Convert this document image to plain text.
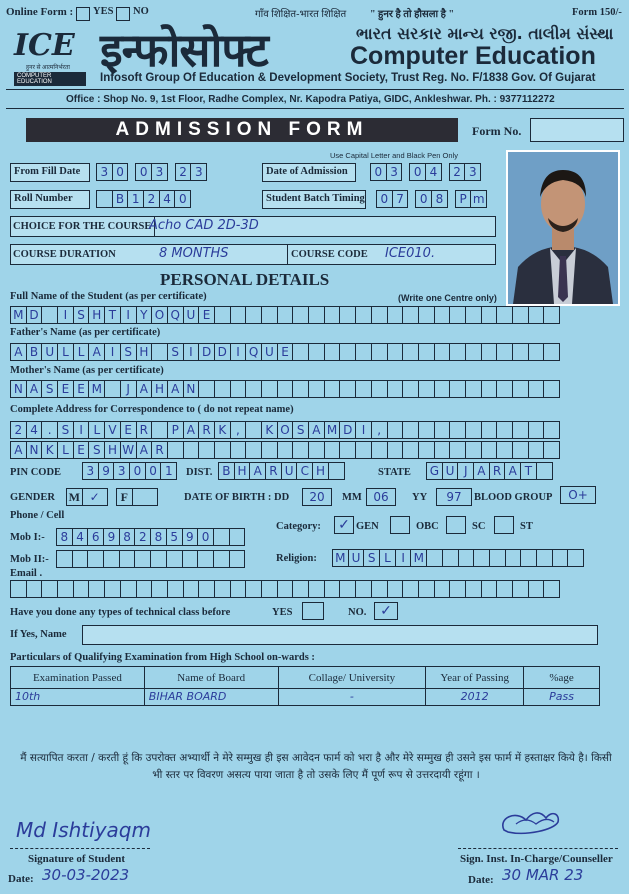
Online Form : YES NO	गाँव शिक्षित-भारत शिक्षित " हुनर है तो हौसला है "	Form 150/-
ICE
हुनर से आत्मनिर्भरता
COMPUTER EDUCATION
इन्फोसोफ्ट	ભારત સરકાર માન્ય રજી. તાલીમ સંસ્થા
Computer Education
Infosoft Group Of Education & Development Society, Trust Reg. No. F/1838 Gov. Of Gujarat
Office : Shop No. 9, 1st Floor, Radhe Complex, Nr. Kapodra Patiya, GIDC, Ankleshwar. Ph. : 9377112272
ADMISSION FORM	Form No.
Use Capital Letter and Black Pen Only
From Fill Date	3 0	0 3	2 3	Date of Admission	0 3	0 4	2 3
Roll Number	B 1 2 4 0	Student Batch Timing	0 7	0 8	P m
CHOICE FOR THE COURSE
Acho CAD 2D-3D
COURSE DURATION	8 MONTHS	COURSE CODE ICE010.
PERSONAL DETAILS
Full Name of the Student (as per certificate)	(Write one Centre only)
M D	I S H T I Y O Q U E
Father's Name (as per certificate)
A B U L L A I S H	S I D D I Q U E
Mother's Name (as per certificate)
N A S E E M	J A H A N
Complete Address for Correspondence to ( do not repeat name)
2 4 . S I L V E R	P A R K ,	K O S A M D I	,
A N K L E S H W A R
PIN CODE	3 9 3 0 0 1	DIST. B H A R U C H	STATE	G U J A R A T
GENDER M ✓	F	DATE OF BIRTH : DD	20	MM 06	YY	97	BLOOD GROUP	O+
Phone / Cell
Mob I:-	8 4 6 9 8 2 8 5 9 0
Mob II:-
Category: ✓ GEN	OBC	SC	ST
Religion: M U S L I M
Email .
Have you done any types of technical class before	YES	NO. ✓
If Yes, Name
Particulars of Qualifying Examination from High School on-wards :
Examination Passed	Name of Board	Collage/ University	Year of Passing	%age
10th	BIHAR BOARD	-	2012	Pass

मैं सत्यापित करता / करती हूं कि उपरोक्त अभ्यार्थी ने मेरे सम्मुख ही इस आवेदन फार्म को भरा है और मेरे सम्मुख ही उसने इस फार्म में हस्ताक्षर किये है। किसी भी स्तर पर विवरण असत्य पाया जाता है तो उसके लिए मैं पूर्ण रूप से उत्तरदायी रहूंगा ।
Md Ishtiyaqm
Signature of Student
Date: 30-03-2023
Sign. Inst. In-Charge/Counseller
Date: 30 MAR 23
